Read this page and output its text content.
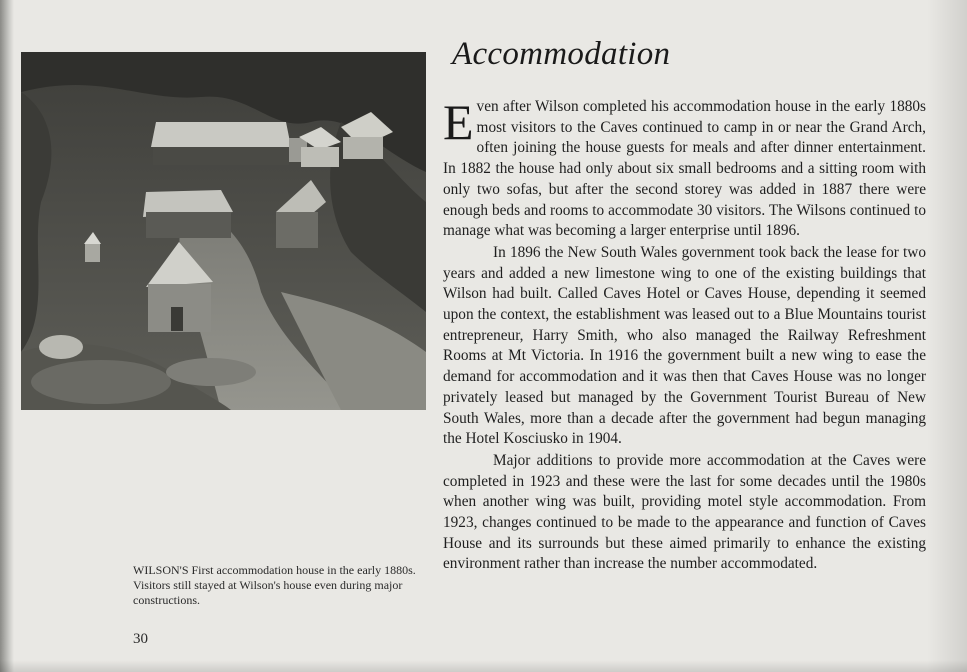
WILSON'S First accommodation house in the early 1880s. Visitors still stayed at Wilson's house even during major constructions.
30
Accommodation

Even after Wilson completed his accommodation house in the early 1880s most visitors to the Caves continued to camp in or near the Grand Arch, often joining the house guests for meals and after dinner entertainment. In 1882 the house had only about six small bedrooms and a sitting room with only two sofas, but after the second storey was added in 1887 there were enough beds and rooms to accommodate 30 visitors. The Wilsons continued to manage what was becoming a larger enterprise until 1896.

In 1896 the New South Wales government took back the lease for two years and added a new limestone wing to one of the existing buildings that Wilson had built. Called Caves Hotel or Caves House, depending it seemed upon the context, the establishment was leased out to a Blue Mountains tourist entrepreneur, Harry Smith, who also managed the Railway Refreshment Rooms at Mt Victoria. In 1916 the government built a new wing to ease the demand for accommodation and it was then that Caves House was no longer privately leased but managed by the Government Tourist Bureau of New South Wales, more than a decade after the government had begun managing the Hotel Kosciusko in 1904.

Major additions to provide more accommodation at the Caves were completed in 1923 and these were the last for some decades until the 1980s when another wing was built, providing motel style accommodation. From 1923, changes continued to be made to the appearance and function of Caves House and its surrounds but these aimed primarily to enhance the existing environment rather than increase the number accommodated.
